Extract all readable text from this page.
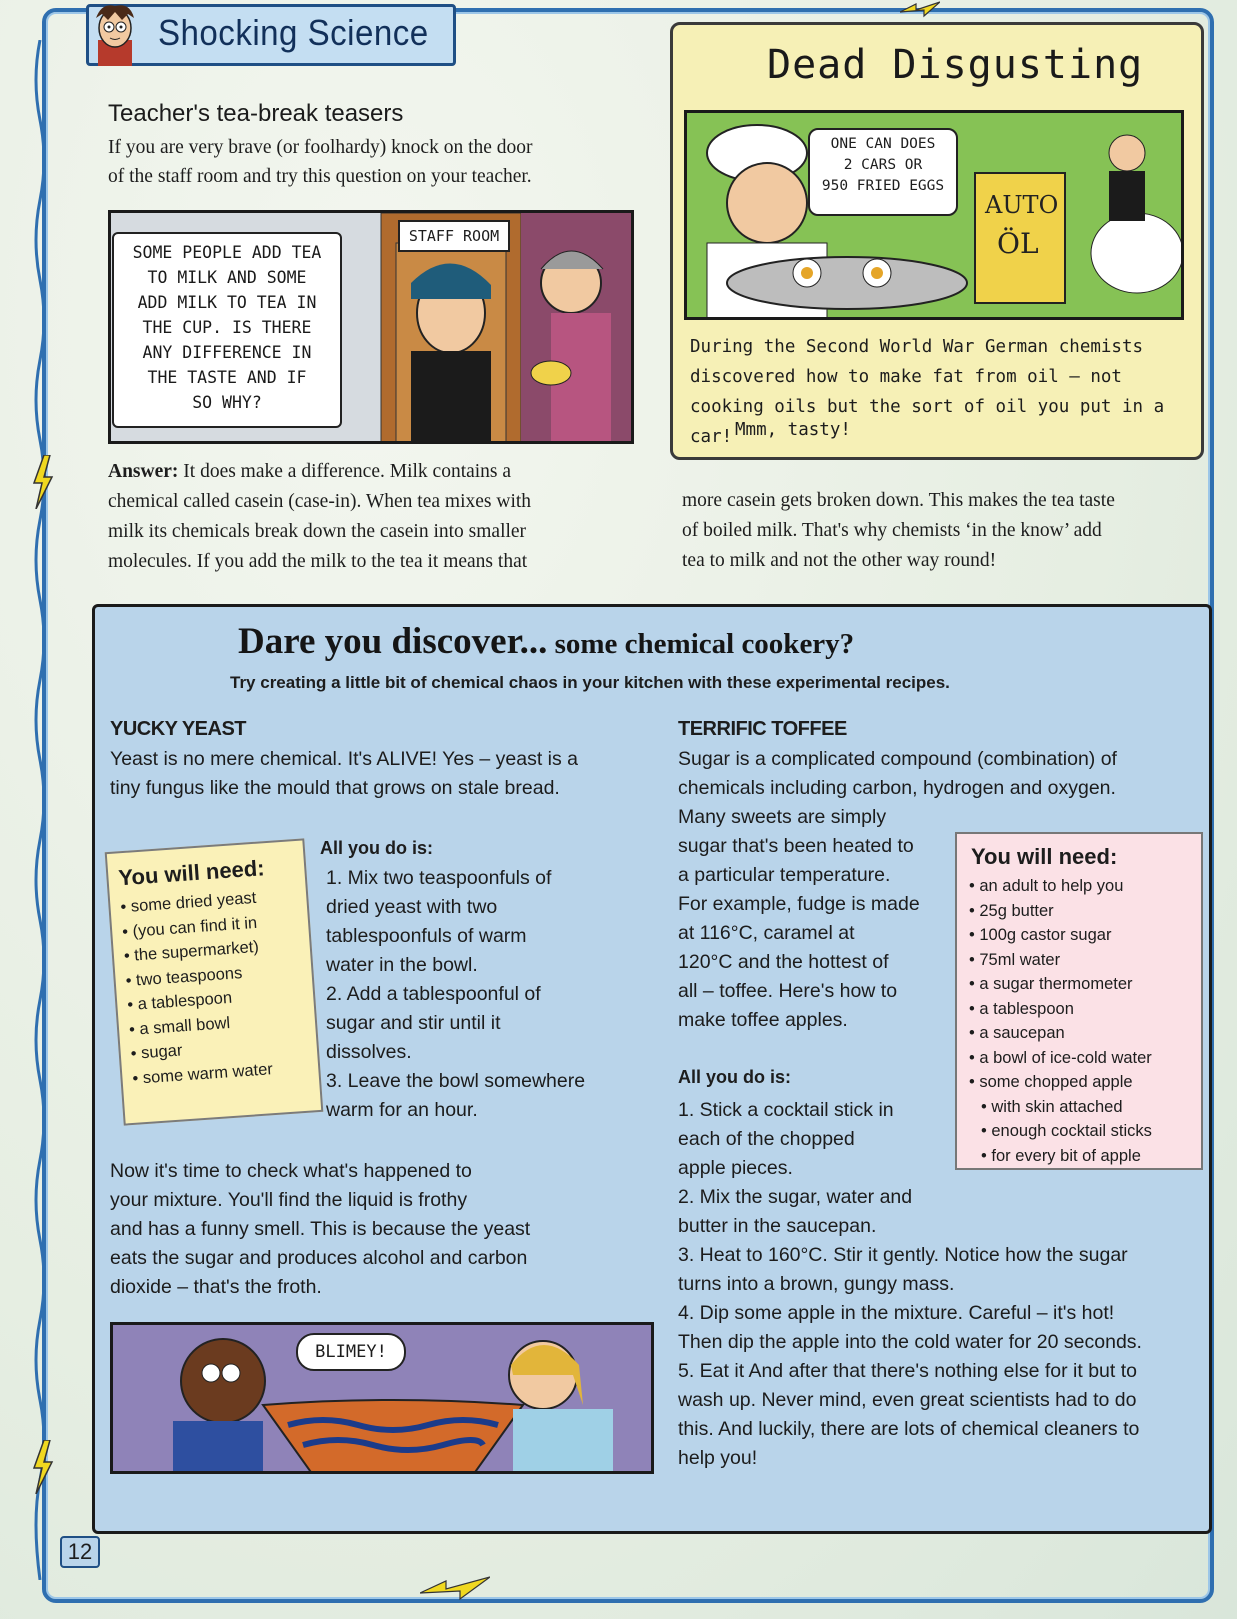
Shocking Science
Teacher's tea-break teasers
If you are very brave (or foolhardy) knock on the door
of the staff room and try this question on your teacher.
SOME PEOPLE ADD TEA
TO MILK AND SOME
ADD MILK TO TEA IN
THE CUP. IS THERE
ANY DIFFERENCE IN
THE TASTE AND IF
SO WHY?
STAFF ROOM
Answer: It does make a difference. Milk contains a
chemical called casein (case-in). When tea mixes with
milk its chemicals break down the casein into smaller
molecules. If you add the milk to the tea it means that
more casein gets broken down. This makes the tea taste
of boiled milk. That's why chemists ‘in the know’ add
tea to milk and not the other way round!
Dead Disgusting
AUTO
ÖL
ONE CAN DOES
2 CARS OR
950 FRIED EGGS
During the Second World War German chemists
discovered how to make fat from oil – not
cooking oils but the sort of oil you put in a car! Mmm, tasty!
Dare you discover... some chemical cookery?
Try creating a little bit of chemical chaos in your kitchen with these experimental recipes.
YUCKY YEAST
Yeast is no mere chemical. It's ALIVE! Yes – yeast is a
tiny fungus like the mould that grows on stale bread.
You will need:
• some dried yeast
• (you can find it in
• the supermarket)
• two teaspoons
• a tablespoon
• a small bowl
• sugar
• some warm water
All you do is:
1. Mix two teaspoonfuls of
dried yeast with two
tablespoonfuls of warm
water in the bowl.
2. Add a tablespoonful of
sugar and stir until it
dissolves.
3. Leave the bowl somewhere
warm for an hour.
Now it's time to check what's happened to
your mixture. You'll find the liquid is frothy
and has a funny smell. This is because the yeast
eats the sugar and produces alcohol and carbon
dioxide – that's the froth.
BLIMEY!
TERRIFIC TOFFEE
Sugar is a complicated compound (combination) of
chemicals including carbon, hydrogen and oxygen.
Many sweets are simply
sugar that's been heated to
a particular temperature.
For example, fudge is made
at 116°C, caramel at
120°C and the hottest of
all – toffee. Here's how to
make toffee apples.
You will need:
• an adult to help you
• 25g butter
• 100g castor sugar
• 75ml water
• a sugar thermometer
• a tablespoon
• a saucepan
• a bowl of ice-cold water
• some chopped apple
• with skin attached
• enough cocktail sticks
• for every bit of apple
All you do is:
1. Stick a cocktail stick in
each of the chopped
apple pieces.
2. Mix the sugar, water and
butter in the saucepan.
3. Heat to 160°C. Stir it gently. Notice how the sugar
turns into a brown, gungy mass.
4. Dip some apple in the mixture. Careful – it's hot!
Then dip the apple into the cold water for 20 seconds.
5. Eat it And after that there's nothing else for it but to
wash up. Never mind, even great scientists had to do
this. And luckily, there are lots of chemical cleaners to
help you!
12
